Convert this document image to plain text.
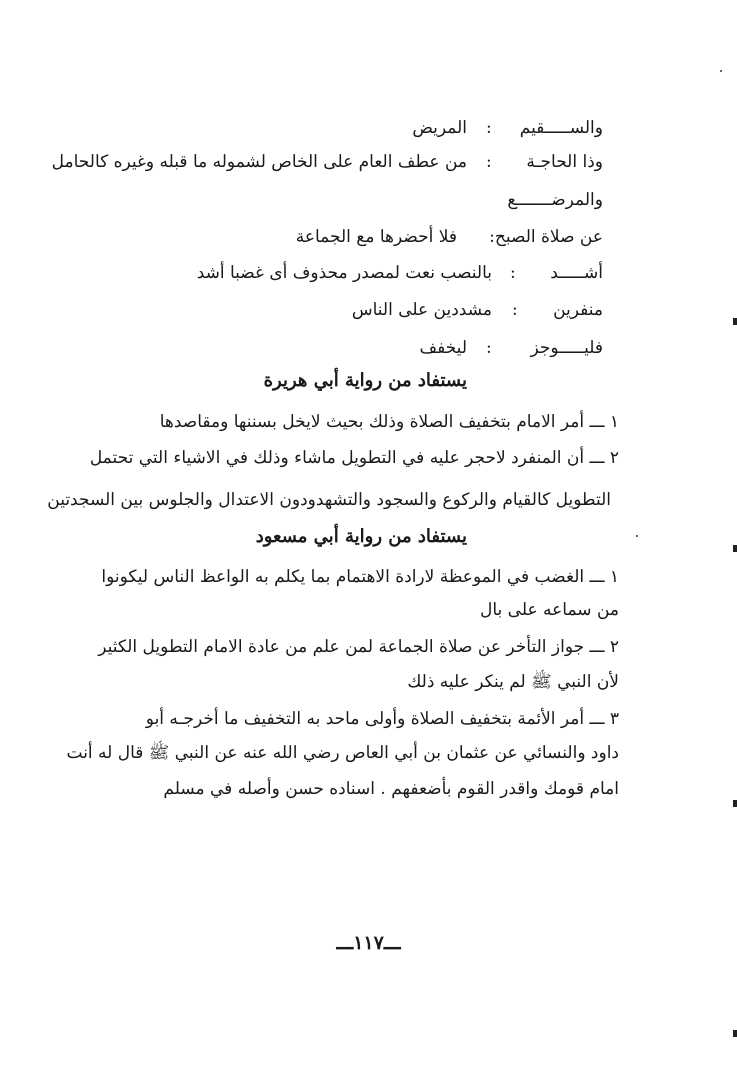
والســـــقيم
:
المريض
وذا الحاجـة
:
من عطف العام على الخاص لشموله ما قبله وغيره كالحامل
والمرضـــــــع
عن صلاة الصبح:
فلا أحضرها مع الجماعة
أشـــــد
:
بالنصب نعت لمصدر محذوف أى غضبا أشد
منفرين
:
مشددين على الناس
فليـــــوجز
:
ليخفف
يستفاد من رواية أبي هريرة
١ ـــ أمر الامام بتخفيف الصلاة وذلك بحيث لايخل بسننها ومقاصدها
٢ ـــ أن المنفرد لاحجر عليه في التطويل ماشاء وذلك في الاشياء التي تحتمل
التطويل كالقيام والركوع والسجود والتشهدودون الاعتدال والجلوس بين السجدتين
يستفاد من رواية أبي مسعود
١ ـــ الغضب في الموعظة لارادة الاهتمام بما يكلم به الواعظ الناس ليكونوا
من سماعه على بال
٢ ـــ جواز التأخر عن صلاة الجماعة لمن علم من عادة الامام التطويل الكثير
لأن النبي ﷺ لم ينكر عليه ذلك
٣ ـــ أمر الأئمة بتخفيف الصلاة وأولى ماحد به التخفيف ما أخرجـه أبو
داود والنسائي عن عثمان بن أبي العاص رضي الله عنه عن النبي ﷺ قال له أنت
امام قومك واقدر القوم بأضعفهم . اسناده حسن وأصله في مسلم
ـــ١١٧ـــ
